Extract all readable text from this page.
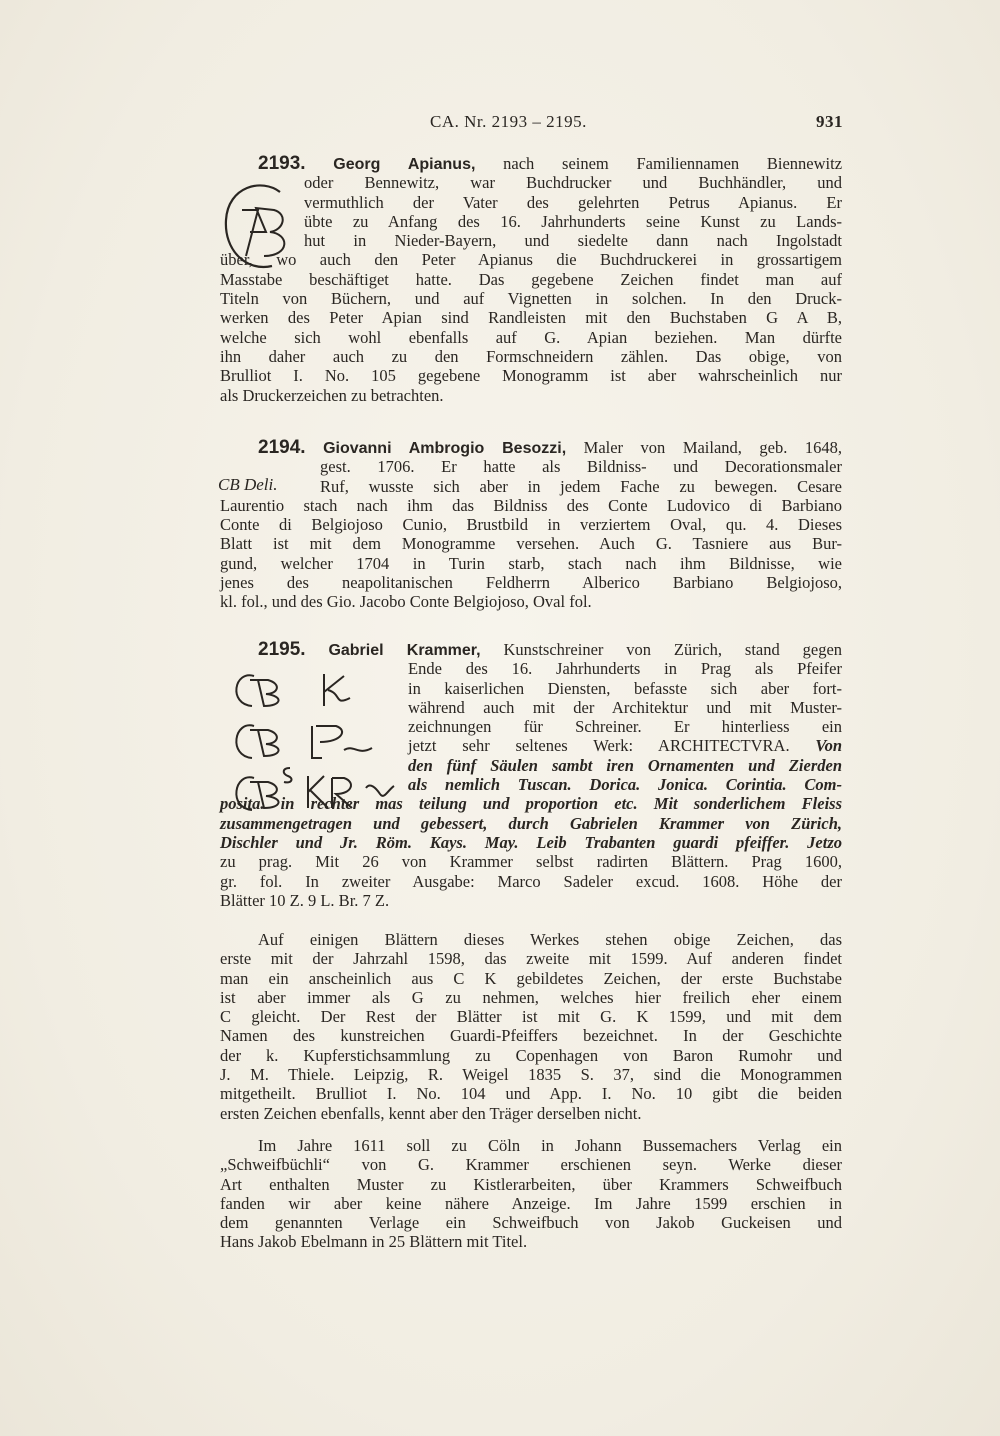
CA. Nr. 2193 – 2195.	931
2193. Georg Apianus, nach seinem Familiennamen Biennewitz
oder Bennewitz, war Buchdrucker und Buchhändler, und
vermuthlich der Vater des gelehrten Petrus Apianus. Er
übte zu Anfang des 16. Jahrhunderts seine Kunst zu Lands-
hut in Nieder-Bayern, und siedelte dann nach Ingolstadt
über, wo auch den Peter Apianus die Buchdruckerei in grossartigem
Masstabe beschäftiget hatte. Das gegebene Zeichen findet man auf
Titeln von Büchern, und auf Vignetten in solchen. In den Druck-
werken des Peter Apian sind Randleisten mit den Buchstaben G A B,
welche sich wohl ebenfalls auf G. Apian beziehen. Man dürfte
ihn daher auch zu den Formschneidern zählen. Das obige, von
Brulliot I. No. 105 gegebene Monogramm ist aber wahrscheinlich nur
als Druckerzeichen zu betrachten.
CB Deli.
2194. Giovanni Ambrogio Besozzi, Maler von Mailand, geb. 1648,
gest. 1706. Er hatte als Bildniss- und Decorationsmaler
Ruf, wusste sich aber in jedem Fache zu bewegen. Cesare
Laurentio stach nach ihm das Bildniss des Conte Ludovico di Barbiano
Conte di Belgiojoso Cunio, Brustbild in verziertem Oval, qu. 4. Dieses
Blatt ist mit dem Monogramme versehen. Auch G. Tasniere aus Bur-
gund, welcher 1704 in Turin starb, stach nach ihm Bildnisse, wie
jenes des neapolitanischen Feldherrn Alberico Barbiano Belgiojoso,
kl. fol., und des Gio. Jacobo Conte Belgiojoso, Oval fol.
2195. Gabriel Krammer, Kunstschreiner von Zürich, stand gegen
Ende des 16. Jahrhunderts in Prag als Pfeifer
in kaiserlichen Diensten, befasste sich aber fort-
während auch mit der Architektur und mit Muster-
zeichnungen für Schreiner. Er hinterliess ein
jetzt sehr seltenes Werk: ARCHITECTVRA. Von
den fünf Säulen sambt iren Ornamenten und Zierden
als nemlich Tuscan. Dorica. Jonica. Corintia. Com-
posita. in rechter mas teilung und proportion etc. Mit sonderlichem Fleiss
zusammengetragen und gebessert, durch Gabrielen Krammer von Zürich,
Dischler und Jr. Röm. Kays. May. Leib Trabanten guardi pfeiffer. Jetzo
zu prag. Mit 26 von Krammer selbst radirten Blättern. Prag 1600,
gr. fol. In zweiter Ausgabe: Marco Sadeler excud. 1608. Höhe der
Blätter 10 Z. 9 L. Br. 7 Z.
Auf einigen Blättern dieses Werkes stehen obige Zeichen, das
erste mit der Jahrzahl 1598, das zweite mit 1599. Auf anderen findet
man ein anscheinlich aus C K gebildetes Zeichen, der erste Buchstabe
ist aber immer als G zu nehmen, welches hier freilich eher einem
C gleicht. Der Rest der Blätter ist mit G. K 1599, und mit dem
Namen des kunstreichen Guardi-Pfeiffers bezeichnet. In der Geschichte
der k. Kupferstichsammlung zu Copenhagen von Baron Rumohr und
J. M. Thiele. Leipzig, R. Weigel 1835 S. 37, sind die Monogrammen
mitgetheilt. Brulliot I. No. 104 und App. I. No. 10 gibt die beiden
ersten Zeichen ebenfalls, kennt aber den Träger derselben nicht.
Im Jahre 1611 soll zu Cöln in Johann Bussemachers Verlag ein
„Schweifbüchli“ von G. Krammer erschienen seyn. Werke dieser
Art enthalten Muster zu Kistlerarbeiten, über Krammers Schweifbuch
fanden wir aber keine nähere Anzeige. Im Jahre 1599 erschien in
dem genannten Verlage ein Schweifbuch von Jakob Guckeisen und
Hans Jakob Ebelmann in 25 Blättern mit Titel.
